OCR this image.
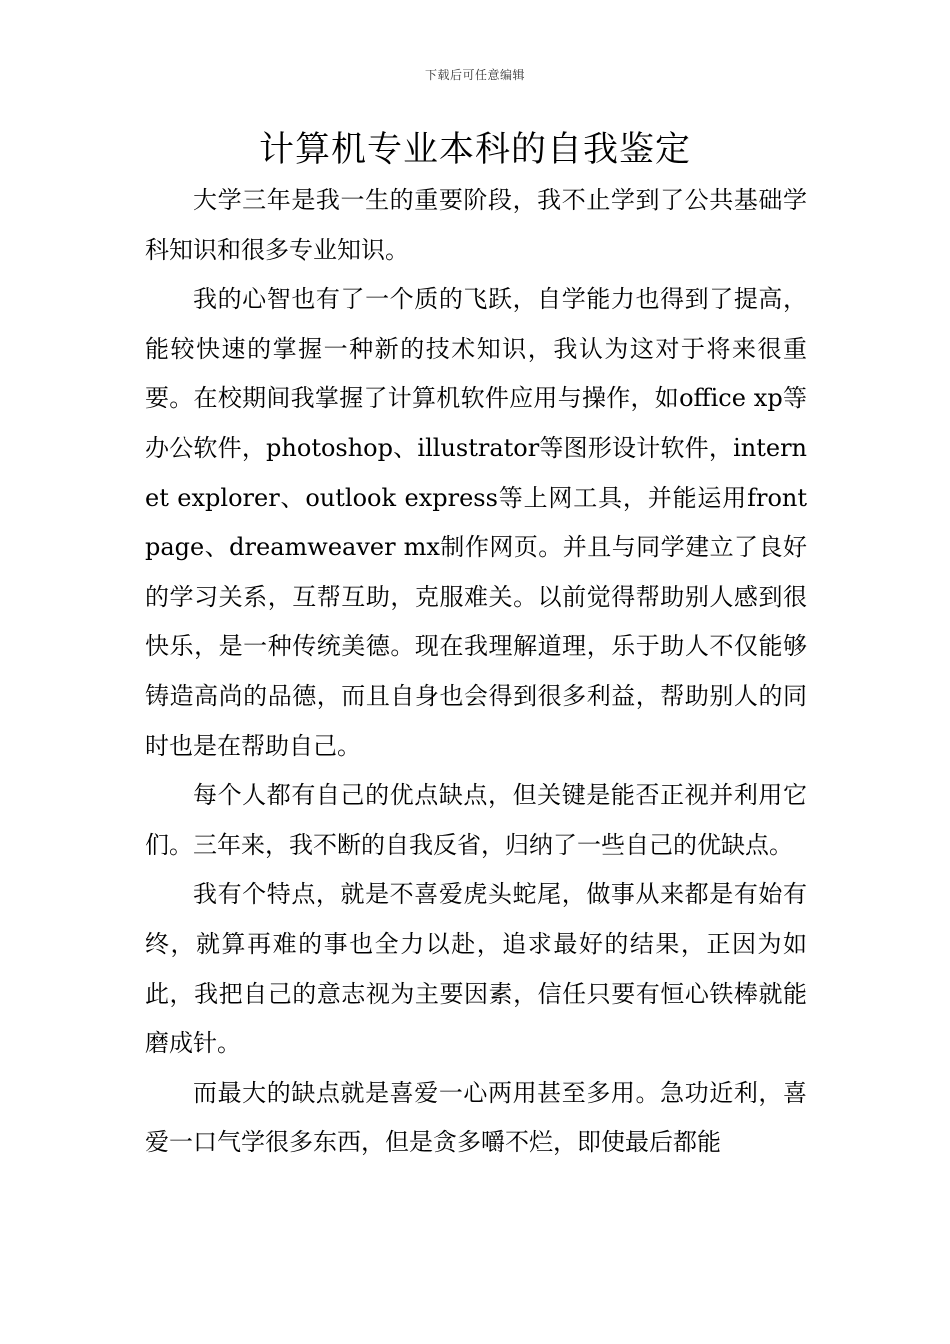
下载后可任意编辑
计算机专业本科的自我鉴定

大学三年是我一生的重要阶段，我不止学到了公共基础学科知识和很多专业知识。

我的心智也有了一个质的飞跃，自学能力也得到了提高，能较快速的掌握一种新的技术知识，我认为这对于将来很重要。在校期间我掌握了计算机软件应用与操作，如office xp等办公软件，photoshop、illustrator等图形设计软件，internet explorer、outlook express等上网工具，并能运用frontpage、dreamweaver mx制作网页。并且与同学建立了良好的学习关系，互帮互助，克服难关。以前觉得帮助别人感到很快乐，是一种传统美德。现在我理解道理，乐于助人不仅能够铸造高尚的品德，而且自身也会得到很多利益，帮助别人的同时也是在帮助自己。

每个人都有自己的优点缺点，但关键是能否正视并利用它们。三年来，我不断的自我反省，归纳了一些自己的优缺点。

我有个特点，就是不喜爱虎头蛇尾，做事从来都是有始有终，就算再难的事也全力以赴，追求最好的结果，正因为如此，我把自己的意志视为主要因素，信任只要有恒心铁棒就能磨成针。

而最大的缺点就是喜爱一心两用甚至多用。急功近利，喜爱一口气学很多东西，但是贪多嚼不烂，即使最后都能
